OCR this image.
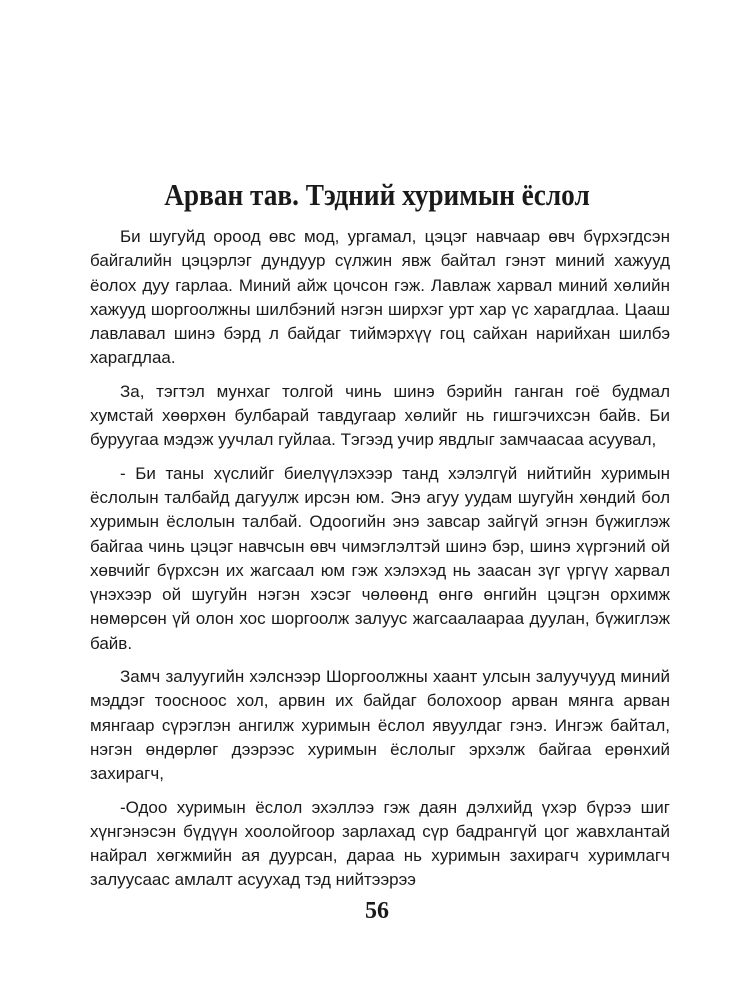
Арван тав. Тэдний хуримын ёслол

Би шугуйд ороод өвс мод, ургамал, цэцэг навчаар өвч бүрхэгдсэн байгалийн цэцэрлэг дундуур сүлжин явж байтал гэнэт миний хажууд ёолох дуу гарлаа. Миний айж цочсон гэж. Лавлаж харвал миний хөлийн хажууд шоргоолжны шилбэний нэгэн ширхэг урт хар үс харагдлаа. Цааш лавлавал шинэ бэрд л байдаг тиймэрхүү гоц сайхан нарийхан шилбэ харагдлаа.

За, тэгтэл мунхаг толгой чинь шинэ бэрийн ганган гоё будмал хумстай хөөрхөн булбарай тавдугаар хөлийг нь гишгэчихсэн байв. Би буруугаа мэдэж уучлал гуйлаа. Тэгээд учир явдлыг замчаасаа асуувал,

- Би таны хүслийг биелүүлэхээр танд хэлэлгүй нийтийн хуримын ёслолын талбайд дагуулж ирсэн юм. Энэ агуу уудам шугуйн хөндий бол хуримын ёслолын талбай. Одоогийн энэ завсар зайгүй эгнэн бүжиглэж байгаа чинь цэцэг навчсын өвч чимэглэлтэй шинэ бэр, шинэ хүргэний ой хөвчийг бүрхсэн их жагсаал юм гэж хэлэхэд нь заасан зүг үргүү харвал үнэхээр ой шугуйн нэгэн хэсэг чөлөөнд өнгө өнгийн цэцгэн орхимж нөмөрсөн үй олон хос шоргоолж залуус жагсаалаараа дуулан, бүжиглэж байв.

Замч залуугийн хэлснээр Шоргоолжны хаант улсын залуучууд миний мэддэг тоосноос хол, арвин их байдаг болохоор арван мянга арван мянгаар сүрэглэн ангилж хуримын ёслол явуулдаг гэнэ. Ингэж байтал, нэгэн өндөрлөг дээрээс хуримын ёслолыг эрхэлж байгаа ерөнхий захирагч,

-Одоо хуримын ёслол эхэллээ гэж даян дэлхийд үхэр бүрээ шиг хүнгэнэсэн бүдүүн хоолойгоор зарлахад сүр бадрангүй цог жавхлантай найрал хөгжмийн ая дуурсан, дараа нь хуримын захирагч хуримлагч залуусаас амлалт асуухад тэд нийтээрээ

56
